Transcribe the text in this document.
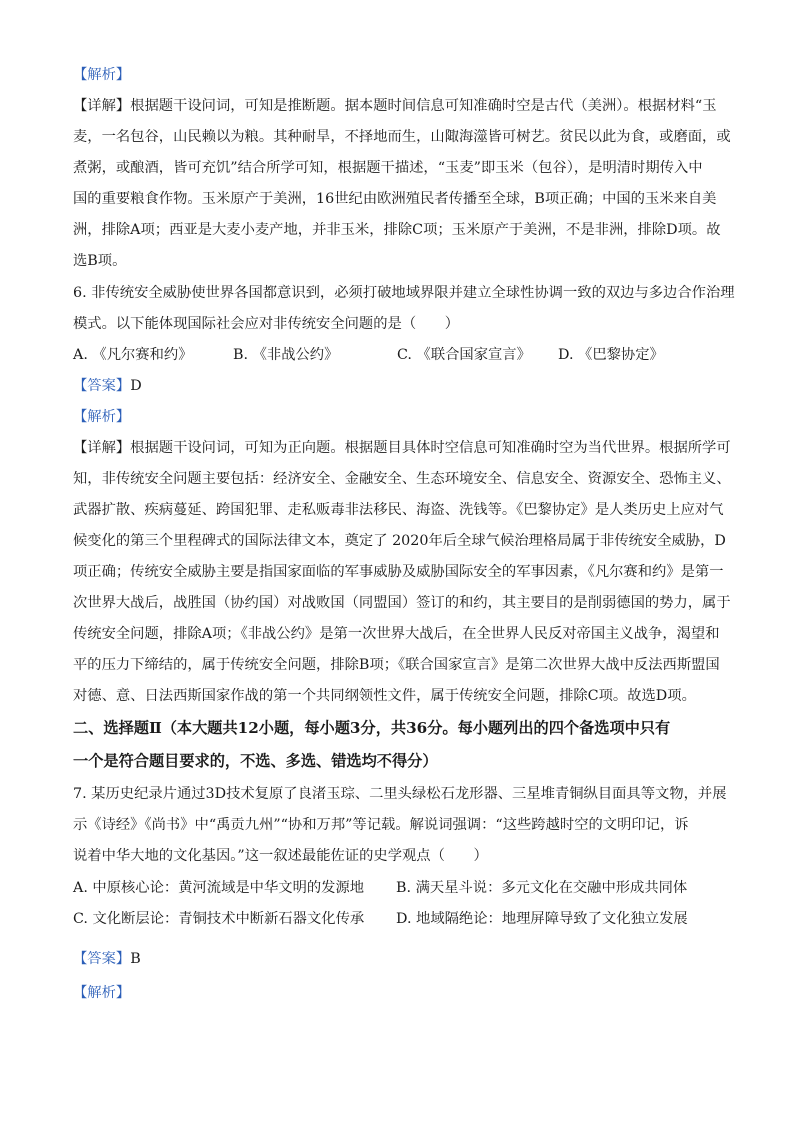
【解析】
【详解】根据题干设问词，可知是推断题。据本题时间信息可知准确时空是古代（美洲）。根据材料“玉
麦，一名包谷，山民赖以为粮。其种耐旱，不择地而生，山陬海澨皆可树艺。贫民以此为食，或磨面，或
煮粥，或酿酒，皆可充饥”结合所学可知，根据题干描述，“玉麦”即玉米（包谷），是明清时期传入中
国的重要粮食作物。玉米原产于美洲，16世纪由欧洲殖民者传播至全球，B项正确；中国的玉米来自美
洲，排除A项；西亚是大麦小麦产地，并非玉米，排除C项；玉米原产于美洲，不是非洲，排除D项。故
选B项。
6. 非传统安全威胁使世界各国都意识到，必须打破地域界限并建立全球性协调一致的双边与多边合作治理
模式。以下能体现国际社会应对非传统安全问题的是（　　）
A. 《凡尔赛和约》	B. 《非战公约》	C. 《联合国家宣言》 D. 《巴黎协定》
【答案】D
【解析】
【详解】根据题干设问词，可知为正向题。根据题目具体时空信息可知准确时空为当代世界。根据所学可
知，非传统安全问题主要包括：经济安全、金融安全、生态环境安全、信息安全、资源安全、恐怖主义、
武器扩散、疾病蔓延、跨国犯罪、走私贩毒非法移民、海盗、洗钱等。《巴黎协定》是人类历史上应对气
候变化的第三个里程碑式的国际法律文本，奠定了 2020年后全球气候治理格局属于非传统安全威胁，D
项正确；传统安全威胁主要是指国家面临的军事威胁及威胁国际安全的军事因素，《凡尔赛和约》是第一
次世界大战后，战胜国（协约国）对战败国（同盟国）签订的和约，其主要目的是削弱德国的势力，属于
传统安全问题，排除A项；《非战公约》是第一次世界大战后，在全世界人民反对帝国主义战争，渴望和
平的压力下缔结的，属于传统安全问题，排除B项；《联合国家宣言》是第二次世界大战中反法西斯盟国
对德、意、日法西斯国家作战的第一个共同纲领性文件，属于传统安全问题，排除C项。故选D项。
二、选择题Ⅱ（本大题共12小题，每小题3分，共36分。每小题列出的四个备选项中只有
一个是符合题目要求的，不选、多选、错选均不得分）
7. 某历史纪录片通过3D技术复原了良渚玉琮、二里头绿松石龙形器、三星堆青铜纵目面具等文物，并展
示《诗经》《尚书》中“禹贡九州”“协和万邦”等记载。解说词强调：“这些跨越时空的文明印记，诉
说着中华大地的文化基因。”这一叙述最能佐证的史学观点（　　）
A. 中原核心论：黄河流域是中华文明的发源地 B. 满天星斗说：多元文化在交融中形成共同体
C. 文化断层论：青铜技术中断新石器文化传承 D. 地域隔绝论：地理屏障导致了文化独立发展
【答案】B
【解析】
